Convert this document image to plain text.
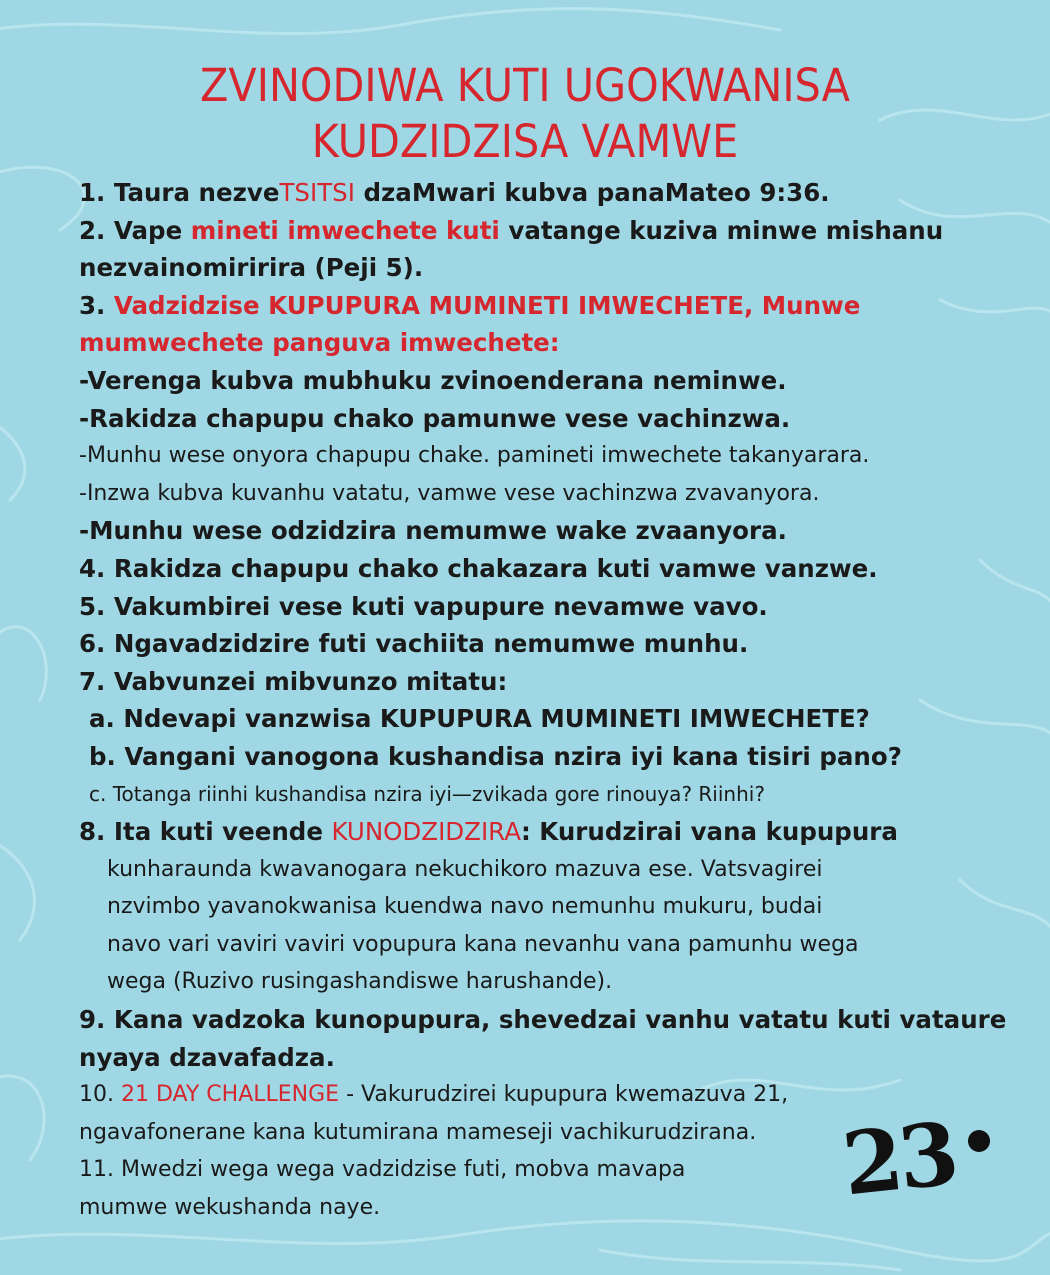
ZVINODIWA KUTI UGOKWANISA
KUDZIDZISA VAMWE
1. Taura nezveTSITSI dzaMwari kubva panaMateo 9:36.
2. Vape mineti imwechete kuti vatange kuziva minwe mishanu
nezvainomiririra (Peji 5).
3. Vadzidzise KUPUPURA MUMINETI IMWECHETE, Munwe
mumwechete panguva imwechete:
-Verenga kubva mubhuku zvinoenderana neminwe.
-Rakidza chapupu chako pamunwe vese vachinzwa.
-Munhu wese onyora chapupu chake. pamineti imwechete takanyarara.
-Inzwa kubva kuvanhu vatatu, vamwe vese vachinzwa zvavanyora.
-Munhu wese odzidzira nemumwe wake zvaanyora.
4. Rakidza chapupu chako chakazara kuti vamwe vanzwe.
5. Vakumbirei vese kuti vapupure nevamwe vavo.
6. Ngavadzidzire futi vachiita nemumwe munhu.
7. Vabvunzei mibvunzo mitatu:
a. Ndevapi vanzwisa KUPUPURA MUMINETI IMWECHETE?
b. Vangani vanogona kushandisa nzira iyi kana tisiri pano?
c. Totanga riinhi kushandisa nzira iyi—zvikada gore rinouya? Riinhi?
8. Ita kuti veende KUNODZIDZIRA: Kurudzirai vana kupupura
kunharaunda kwavanogara nekuchikoro mazuva ese. Vatsvagirei
nzvimbo yavanokwanisa kuendwa navo nemunhu mukuru, budai
navo vari vaviri vaviri vopupura kana nevanhu vana pamunhu wega
wega (Ruzivo rusingashandiswe harushande).
9. Kana vadzoka kunopupura, shevedzai vanhu vatatu kuti vataure
nyaya dzavafadza.
10. 21 DAY CHALLENGE - Vakurudzirei kupupura kwemazuva 21,
ngavafonerane kana kutumirana mameseji vachikurudzirana.
11. Mwedzi wega wega vadzidzise futi, mobva mavapa
mumwe wekushanda naye.	23
